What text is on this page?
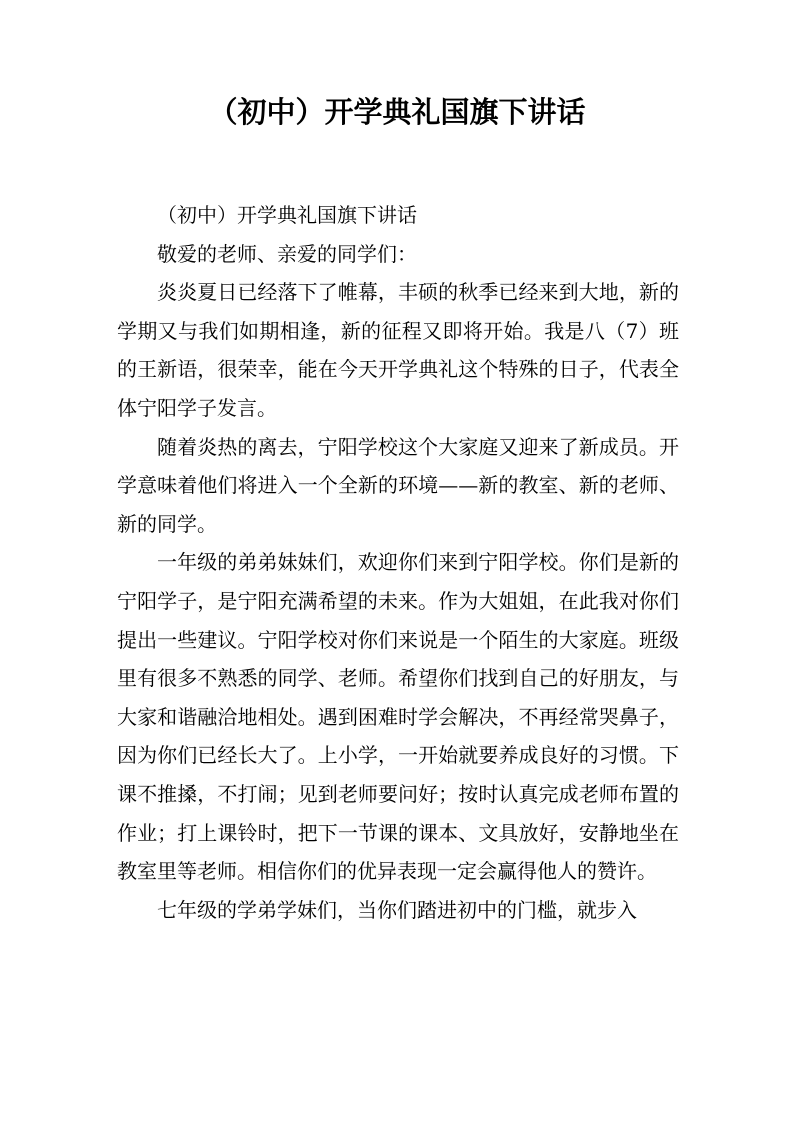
（初中）开学典礼国旗下讲话

（初中）开学典礼国旗下讲话

敬爱的老师、亲爱的同学们：

炎炎夏日已经落下了帷幕，丰硕的秋季已经来到大地，新的学期又与我们如期相逢，新的征程又即将开始。我是八（7）班的王新语，很荣幸，能在今天开学典礼这个特殊的日子，代表全体宁阳学子发言。

随着炎热的离去，宁阳学校这个大家庭又迎来了新成员。开学意味着他们将进入一个全新的环境——新的教室、新的老师、新的同学。

一年级的弟弟妹妹们，欢迎你们来到宁阳学校。你们是新的宁阳学子，是宁阳充满希望的未来。作为大姐姐，在此我对你们提出一些建议。宁阳学校对你们来说是一个陌生的大家庭。班级里有很多不熟悉的同学、老师。希望你们找到自己的好朋友，与大家和谐融洽地相处。遇到困难时学会解决，不再经常哭鼻子，因为你们已经长大了。上小学，一开始就要养成良好的习惯。下课不推搡，不打闹；见到老师要问好；按时认真完成老师布置的作业；打上课铃时，把下一节课的课本、文具放好，安静地坐在教室里等老师。相信你们的优异表现一定会赢得他人的赞许。

七年级的学弟学妹们，当你们踏进初中的门槛，就步入
